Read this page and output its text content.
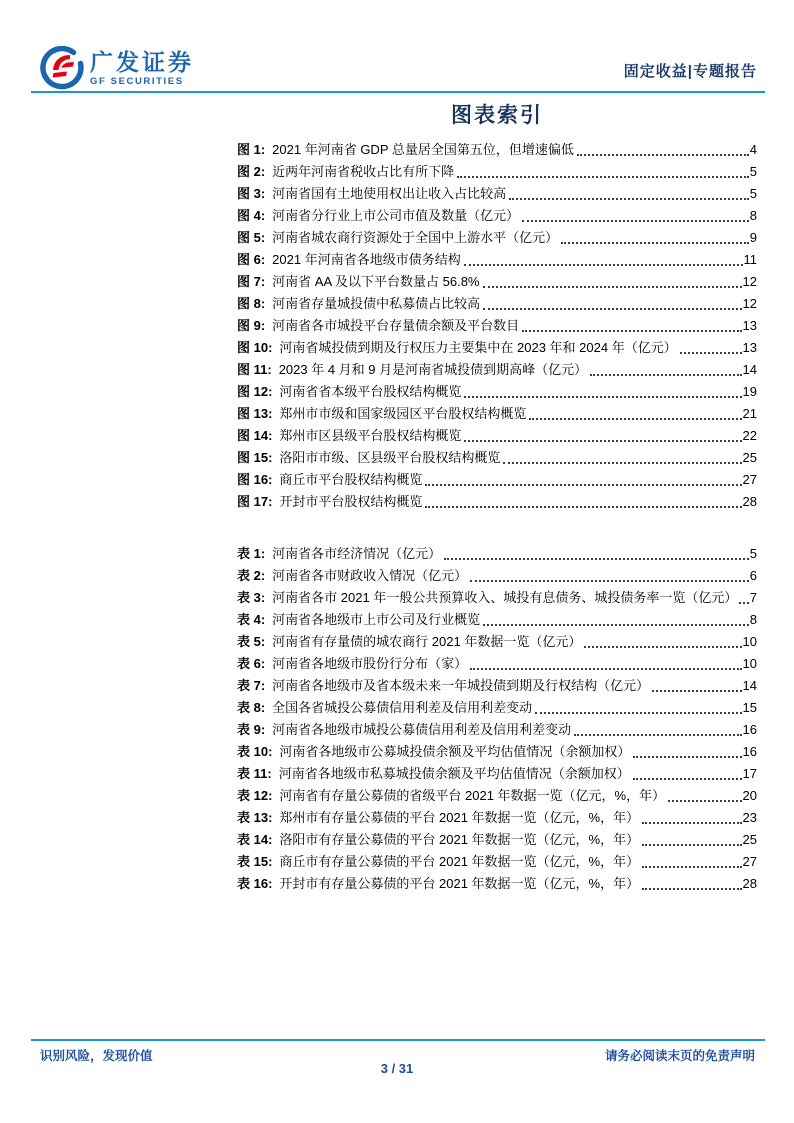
广发证券
GF SECURITIES
固定收益|专题报告
图表索引
图 1: 2021 年河南省 GDP 总量居全国第五位，但增速偏低	4
图 2: 近两年河南省税收占比有所下降	5
图 3: 河南省国有土地使用权出让收入占比较高	5
图 4: 河南省分行业上市公司市值及数量（亿元）	8
图 5: 河南省城农商行资源处于全国中上游水平（亿元）	9
图 6: 2021 年河南省各地级市债务结构	11
图 7: 河南省 AA 及以下平台数量占 56.8%	12
图 8: 河南省存量城投债中私募债占比较高	12
图 9: 河南省各市城投平台存量债余额及平台数目	13
图 10: 河南省城投债到期及行权压力主要集中在 2023 年和 2024 年（亿元）	13
图 11: 2023 年 4 月和 9 月是河南省城投债到期高峰（亿元）	14
图 12: 河南省省本级平台股权结构概览	19
图 13: 郑州市市级和国家级园区平台股权结构概览	21
图 14: 郑州市区县级平台股权结构概览	22
图 15: 洛阳市市级、区县级平台股权结构概览	25
图 16: 商丘市平台股权结构概览	27
图 17: 开封市平台股权结构概览	28
表 1: 河南省各市经济情况（亿元）	5
表 2: 河南省各市财政收入情况（亿元）	6
表 3: 河南省各市 2021 年一般公共预算收入、城投有息债务、城投债务率一览（亿元） 7
表 4: 河南省各地级市上市公司及行业概览	8
表 5: 河南省有存量债的城农商行 2021 年数据一览（亿元）	10
表 6: 河南省各地级市股份行分布（家）	10
表 7: 河南省各地级市及省本级未来一年城投债到期及行权结构（亿元）	14
表 8: 全国各省城投公募债信用利差及信用利差变动	15
表 9: 河南省各地级市城投公募债信用利差及信用利差变动	16
表 10: 河南省各地级市公募城投债余额及平均估值情况（余额加权）	16
表 11: 河南省各地级市私募城投债余额及平均估值情况（余额加权）	17
表 12: 河南省有存量公募债的省级平台 2021 年数据一览（亿元，%，年）	20
表 13: 郑州市有存量公募债的平台 2021 年数据一览（亿元，%，年）	23
表 14: 洛阳市有存量公募债的平台 2021 年数据一览（亿元，%，年）	25
表 15: 商丘市有存量公募债的平台 2021 年数据一览（亿元，%，年）	27
表 16: 开封市有存量公募债的平台 2021 年数据一览（亿元，%，年）	28
识别风险，发现价值	请务必阅读末页的免责声明
3 / 31
